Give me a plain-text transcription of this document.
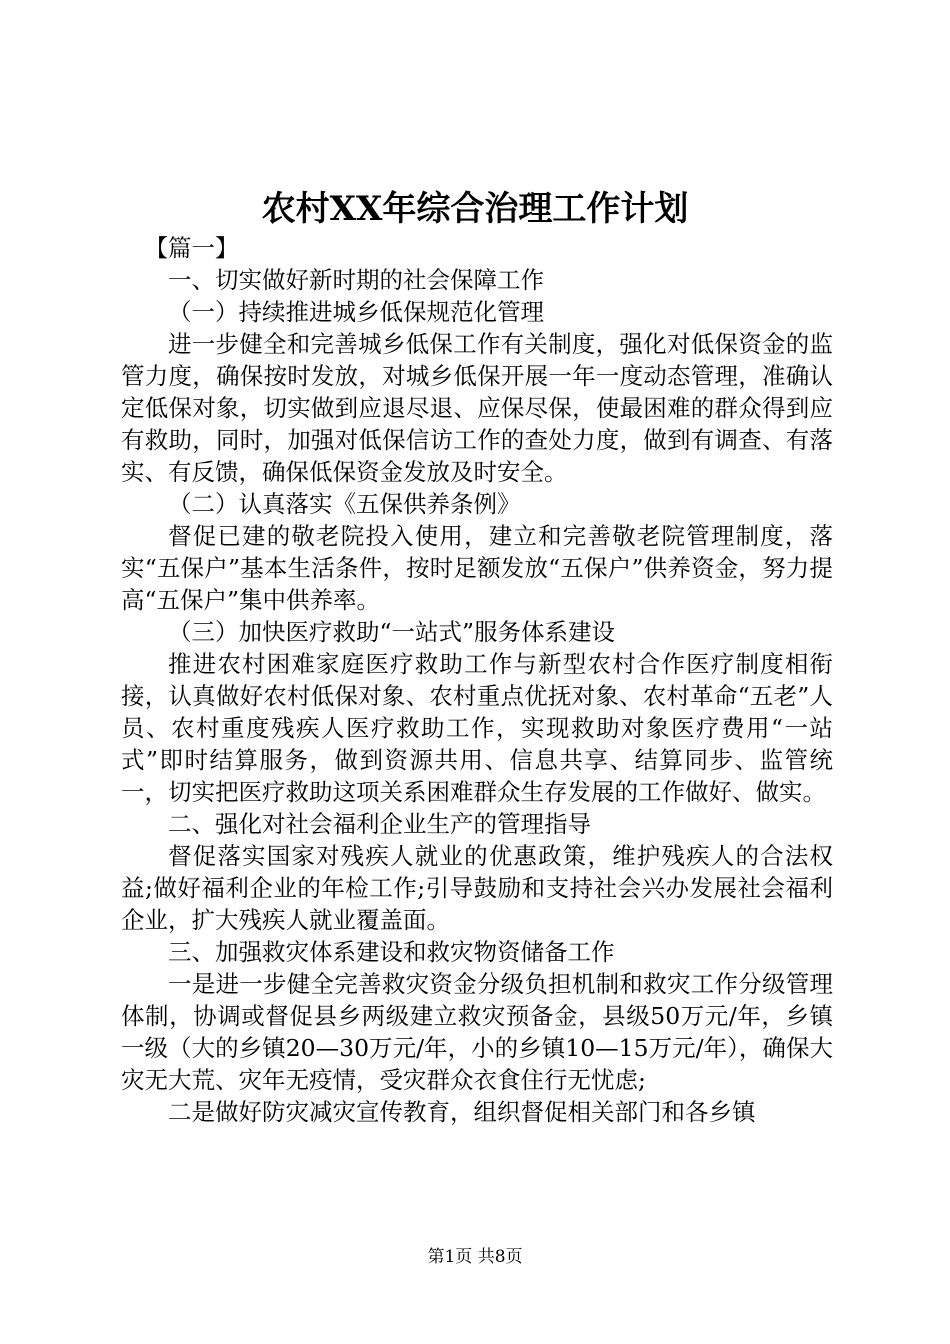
农村XX年综合治理工作计划

【篇一】

一、切实做好新时期的社会保障工作

（一）持续推进城乡低保规范化管理

进一步健全和完善城乡低保工作有关制度，强化对低保资金的监管力度，确保按时发放，对城乡低保开展一年一度动态管理，准确认定低保对象，切实做到应退尽退、应保尽保，使最困难的群众得到应有救助，同时，加强对低保信访工作的查处力度，做到有调查、有落实、有反馈，确保低保资金发放及时安全。

（二）认真落实《五保供养条例》

督促已建的敬老院投入使用，建立和完善敬老院管理制度，落实“五保户”基本生活条件，按时足额发放“五保户”供养资金，努力提高“五保户”集中供养率。

（三）加快医疗救助“一站式”服务体系建设

推进农村困难家庭医疗救助工作与新型农村合作医疗制度相衔接，认真做好农村低保对象、农村重点优抚对象、农村革命“五老”人员、农村重度残疾人医疗救助工作，实现救助对象医疗费用“一站式”即时结算服务，做到资源共用、信息共享、结算同步、监管统一，切实把医疗救助这项关系困难群众生存发展的工作做好、做实。

二、强化对社会福利企业生产的管理指导

督促落实国家对残疾人就业的优惠政策，维护残疾人的合法权益;做好福利企业的年检工作;引导鼓励和支持社会兴办发展社会福利企业，扩大残疾人就业覆盖面。

三、加强救灾体系建设和救灾物资储备工作

一是进一步健全完善救灾资金分级负担机制和救灾工作分级管理体制，协调或督促县乡两级建立救灾预备金，县级50万元/年，乡镇一级（大的乡镇20—30万元/年，小的乡镇10—15万元/年），确保大灾无大荒、灾年无疫情，受灾群众衣食住行无忧虑;

二是做好防灾减灾宣传教育，组织督促相关部门和各乡镇

第1页 共8页
